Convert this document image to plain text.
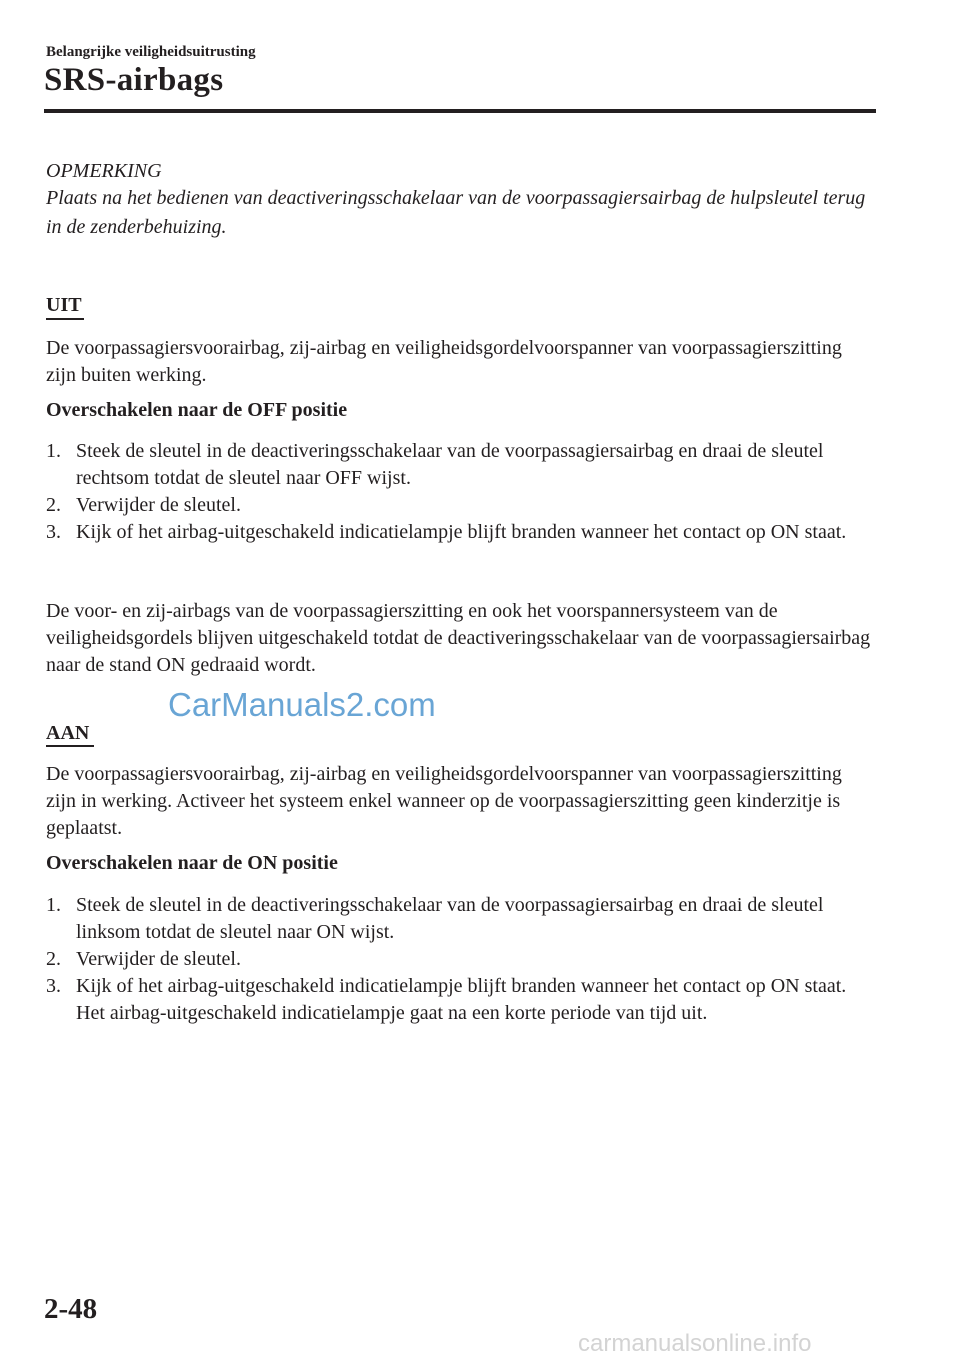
Belangrijke veiligheidsuitrusting
SRS-airbags
OPMERKING
Plaats na het bedienen van deactiveringsschakelaar van de voorpassagiersairbag de hulpsleutel terug in de zenderbehuizing.
UIT
De voorpassagiersvoorairbag, zij-airbag en veiligheidsgordelvoorspanner van voorpassagierszitting zijn buiten werking.
Overschakelen naar de OFF positie
1. Steek de sleutel in de deactiveringsschakelaar van de voorpassagiersairbag en draai de sleutel rechtsom totdat de sleutel naar OFF wijst.
2. Verwijder de sleutel.
3. Kijk of het airbag-uitgeschakeld indicatielampje blijft branden wanneer het contact op ON staat.
De voor- en zij-airbags van de voorpassagierszitting en ook het voorspannersysteem van de veiligheidsgordels blijven uitgeschakeld totdat de deactiveringsschakelaar van de voorpassagiersairbag naar de stand ON gedraaid wordt.
CarManuals2.com
AAN
De voorpassagiersvoorairbag, zij-airbag en veiligheidsgordelvoorspanner van voorpassagierszitting zijn in werking. Activeer het systeem enkel wanneer op de voorpassagierszitting geen kinderzitje is geplaatst.
Overschakelen naar de ON positie
1. Steek de sleutel in de deactiveringsschakelaar van de voorpassagiersairbag en draai de sleutel linksom totdat de sleutel naar ON wijst.
2. Verwijder de sleutel.
3. Kijk of het airbag-uitgeschakeld indicatielampje blijft branden wanneer het contact op ON staat. Het airbag-uitgeschakeld indicatielampje gaat na een korte periode van tijd uit.
2-48
carmanualsonline.info
